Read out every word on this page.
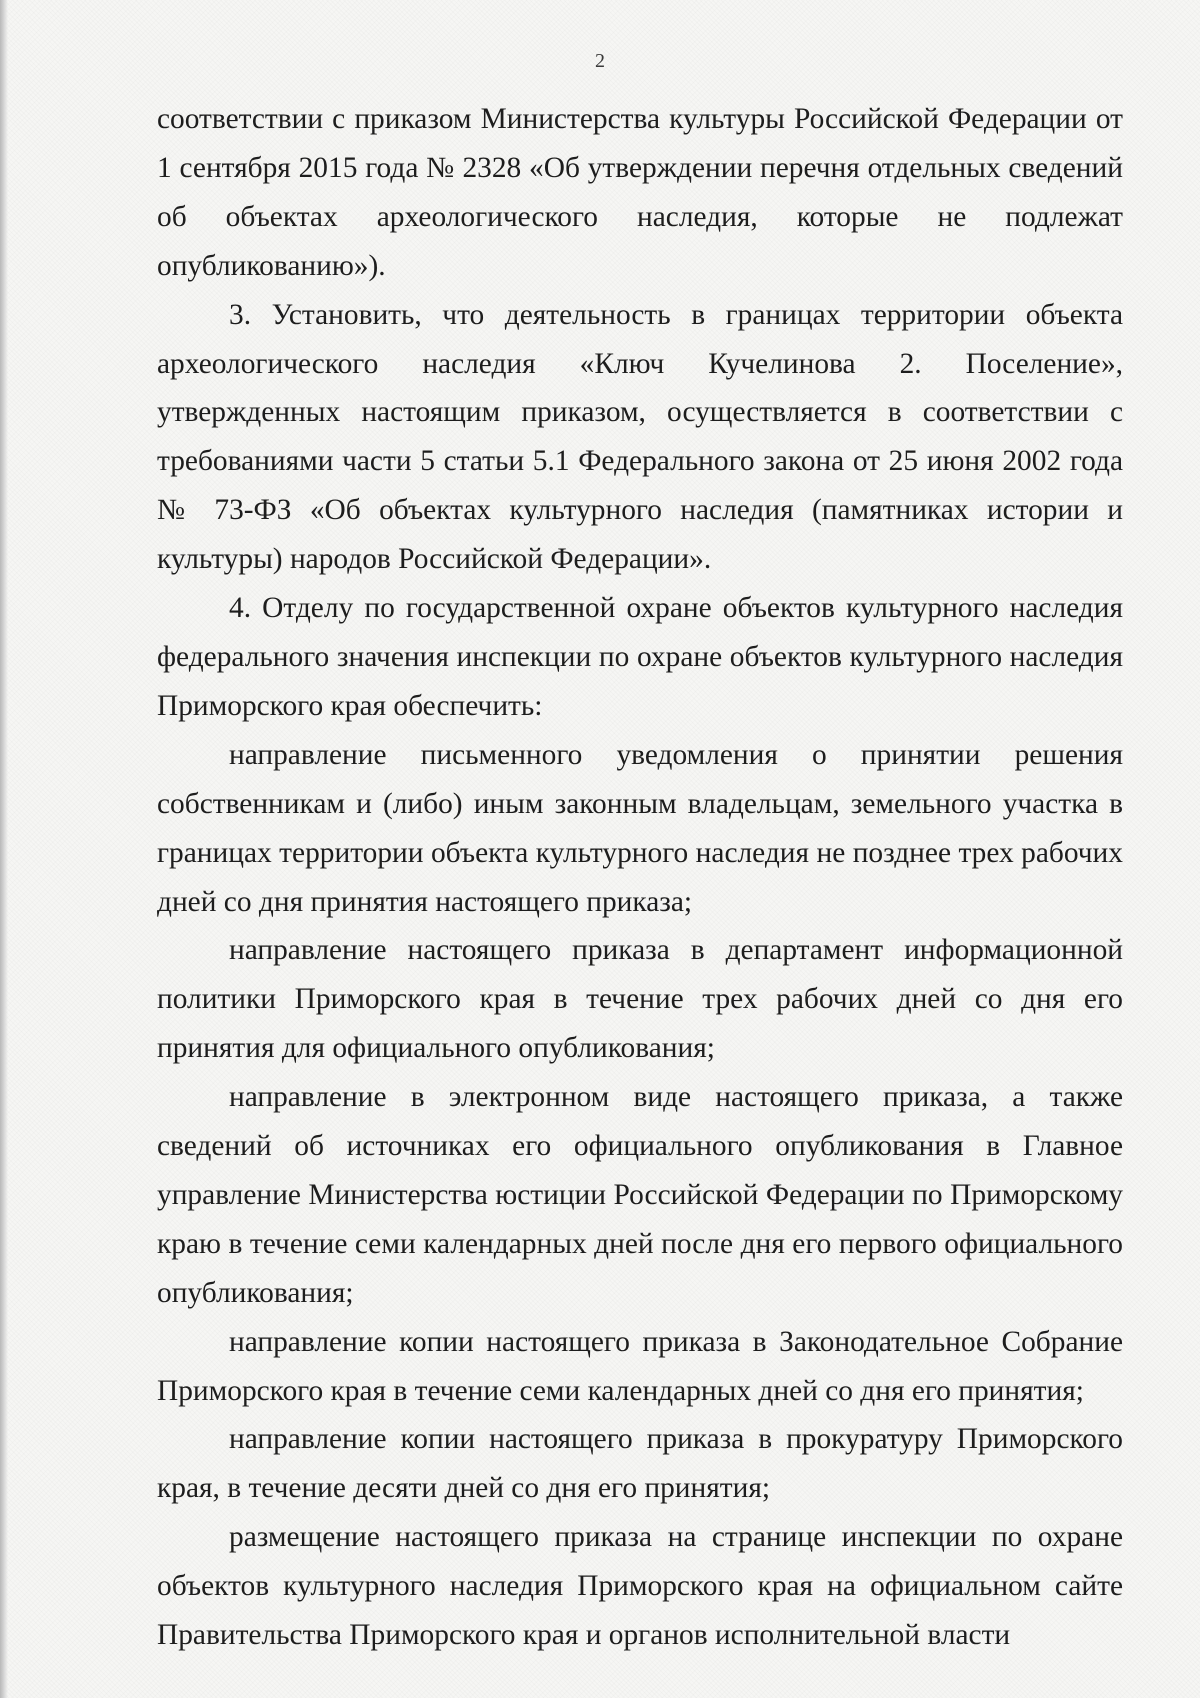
2

соответствии с приказом Министерства культуры Российской Федерации от 1 сентября 2015 года № 2328 «Об утверждении перечня отдельных сведений об объектах археологического наследия, которые не подлежат опубликованию»).

3. Установить, что деятельность в границах территории объекта археологического наследия «Ключ Кучелинова 2. Поселение», утвержденных настоящим приказом, осуществляется в соответствии с требованиями части 5 статьи 5.1 Федерального закона от 25 июня 2002 года № 73-ФЗ «Об объектах культурного наследия (памятниках истории и культуры) народов Российской Федерации».

4. Отделу по государственной охране объектов культурного наследия федерального значения инспекции по охране объектов культурного наследия Приморского края обеспечить:

направление письменного уведомления о принятии решения собственникам и (либо) иным законным владельцам, земельного участка в границах территории объекта культурного наследия не позднее трех рабочих дней со дня принятия настоящего приказа;

направление настоящего приказа в департамент информационной политики Приморского края в течение трех рабочих дней со дня его принятия для официального опубликования;

направление в электронном виде настоящего приказа, а также сведений об источниках его официального опубликования в Главное управление Министерства юстиции Российской Федерации по Приморскому краю в течение семи календарных дней после дня его первого официального опубликования;

направление копии настоящего приказа в Законодательное Собрание Приморского края в течение семи календарных дней со дня его принятия;

направление копии настоящего приказа в прокуратуру Приморского края, в течение десяти дней со дня его принятия;

размещение настоящего приказа на странице инспекции по охране объектов культурного наследия Приморского края на официальном сайте Правительства Приморского края и органов исполнительной власти
